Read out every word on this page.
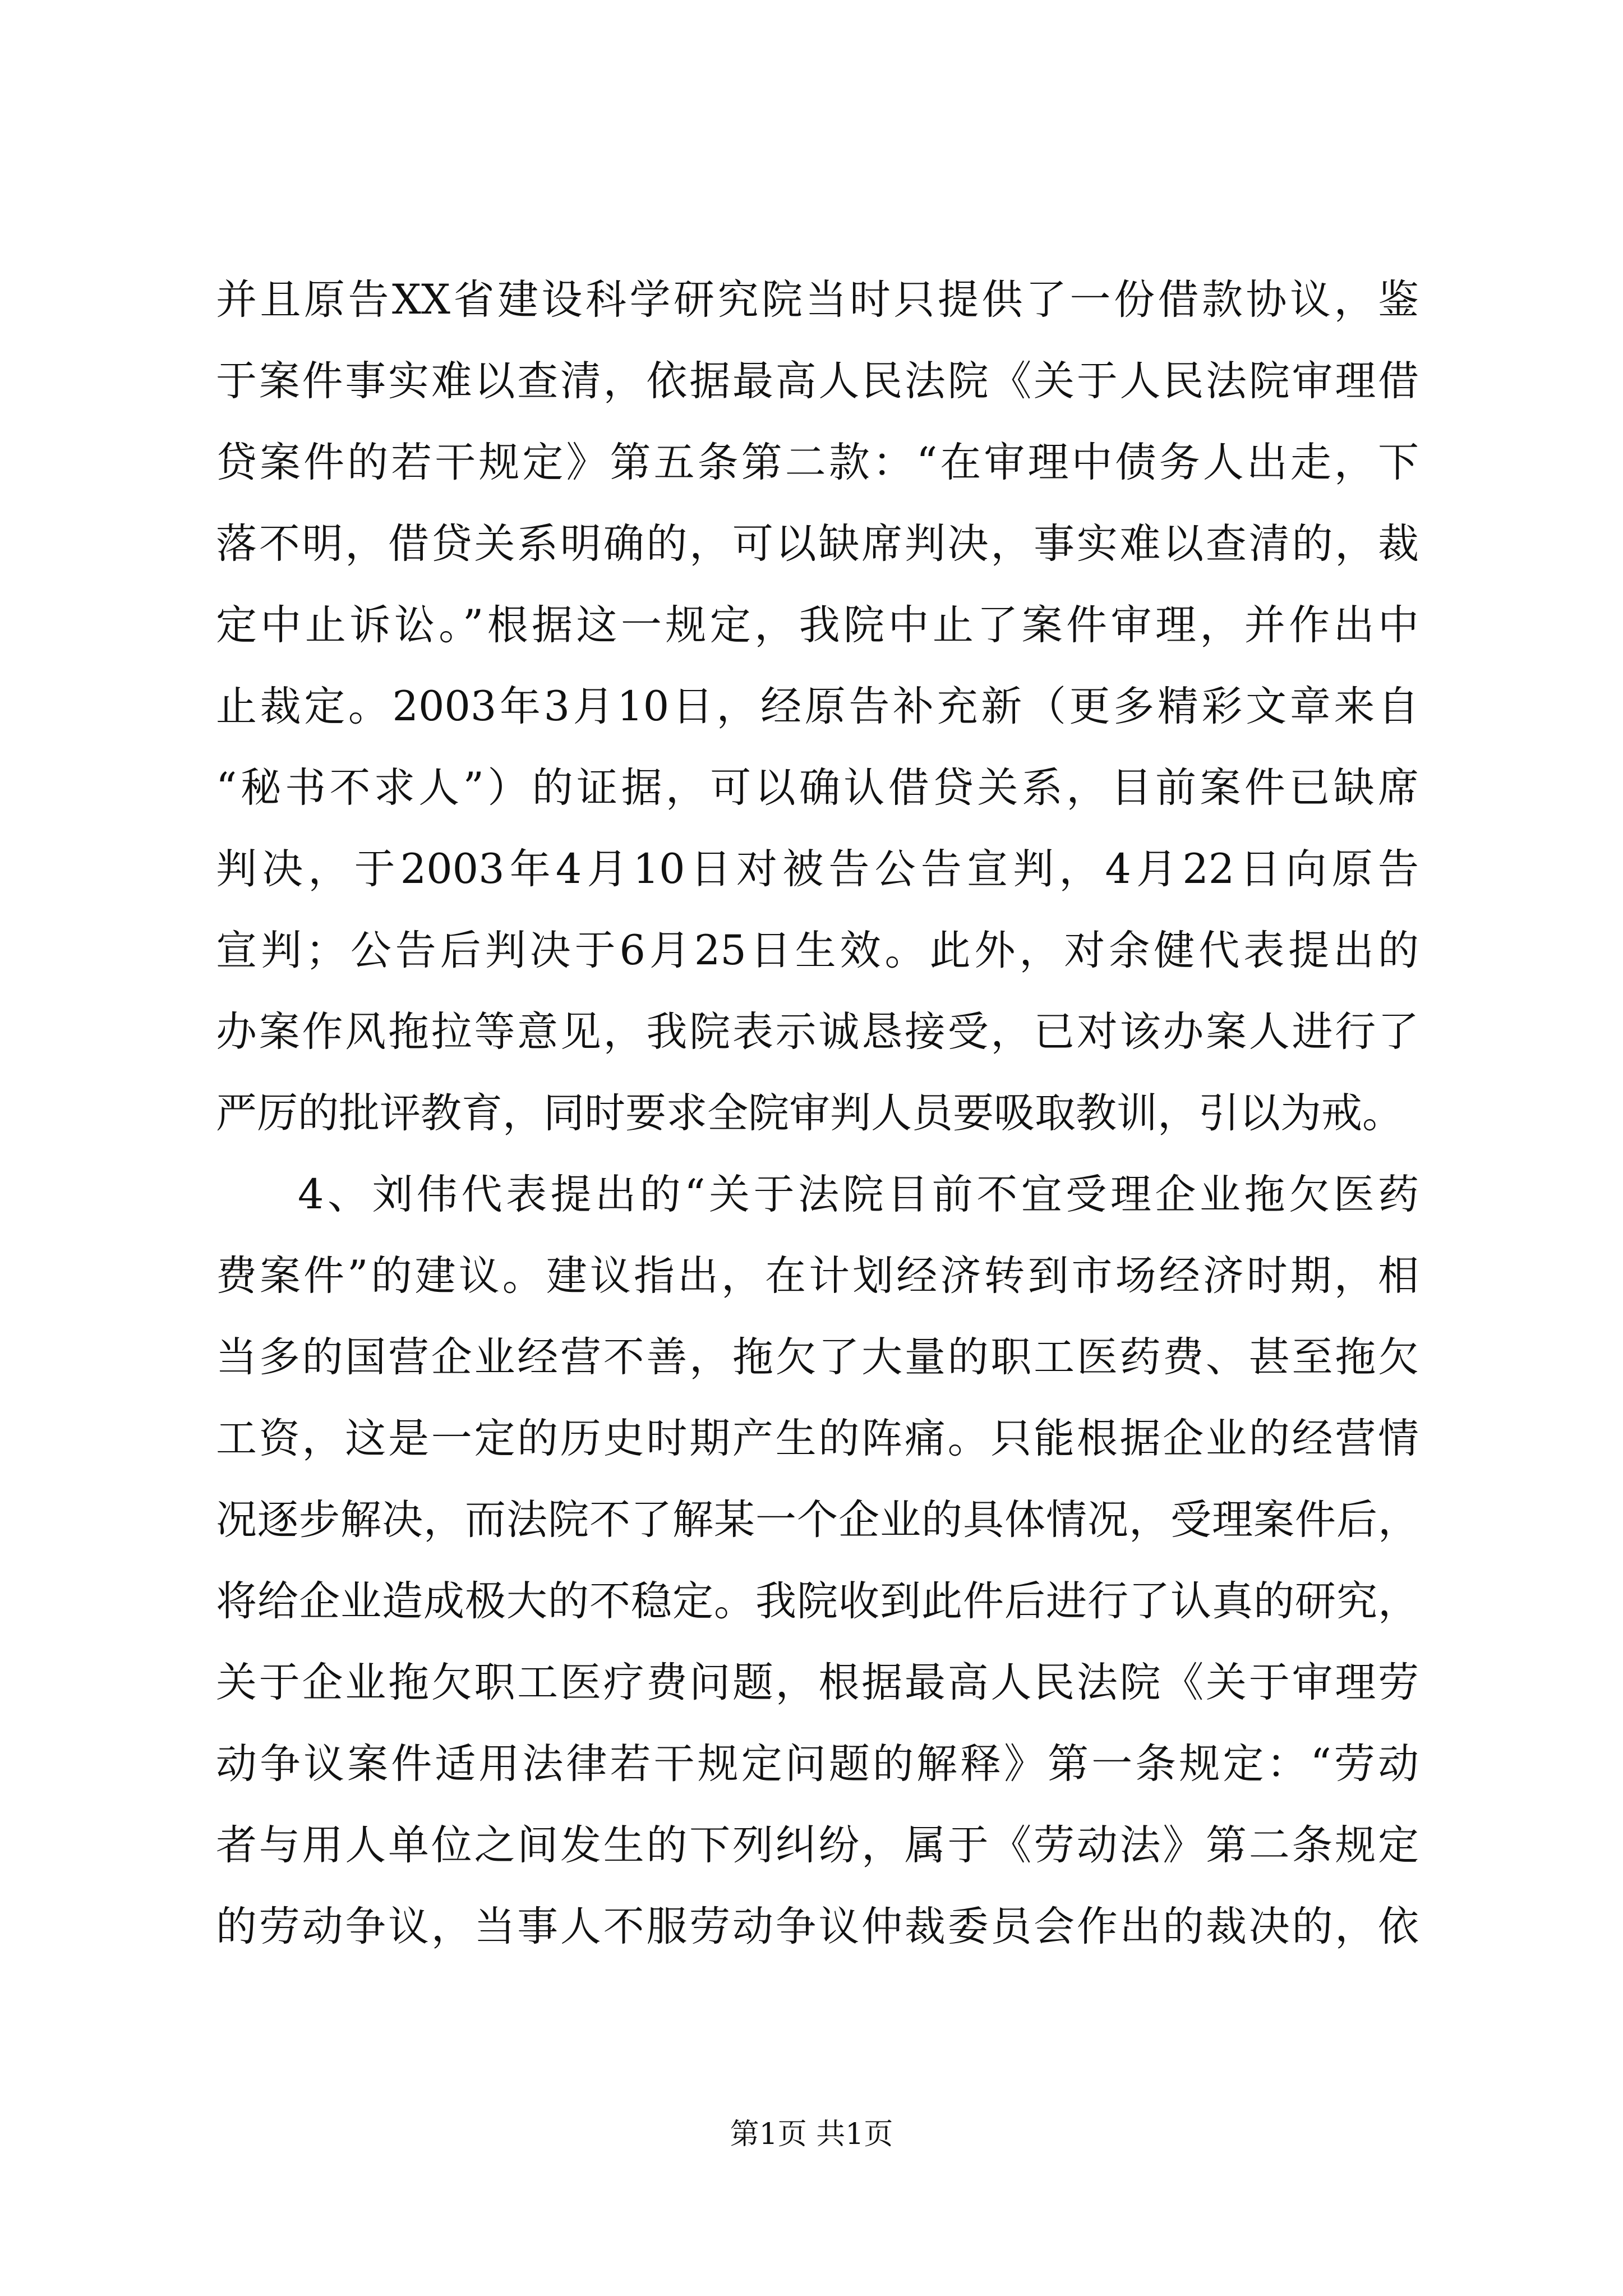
并且原告XX省建设科学研究院当时只提供了一份借款协议，鉴
于案件事实难以查清，依据最高人民法院《关于人民法院审理借
贷案件的若干规定》第五条第二款：“在审理中债务人出走，下
落不明，借贷关系明确的，可以缺席判决，事实难以查清的，裁
定中止诉讼。”根据这一规定，我院中止了案件审理，并作出中
止裁定。2003年3月10日，经原告补充新（更多精彩文章来自
“秘书不求人”）的证据，可以确认借贷关系，目前案件已缺席
判决，于2003年4月10日对被告公告宣判，4月22日向原告
宣判；公告后判决于6月25日生效。此外，对余健代表提出的
办案作风拖拉等意见，我院表示诚恳接受，已对该办案人进行了
严厉的批评教育，同时要求全院审判人员要吸取教训，引以为戒。
4、刘伟代表提出的“关于法院目前不宜受理企业拖欠医药
费案件”的建议。建议指出，在计划经济转到市场经济时期，相
当多的国营企业经营不善，拖欠了大量的职工医药费、甚至拖欠
工资，这是一定的历史时期产生的阵痛。只能根据企业的经营情
况逐步解决，而法院不了解某一个企业的具体情况，受理案件后，
将给企业造成极大的不稳定。我院收到此件后进行了认真的研究，
关于企业拖欠职工医疗费问题，根据最高人民法院《关于审理劳
动争议案件适用法律若干规定问题的解释》第一条规定：“劳动
者与用人单位之间发生的下列纠纷，属于《劳动法》第二条规定
的劳动争议，当事人不服劳动争议仲裁委员会作出的裁决的，依
第1页 共1页
